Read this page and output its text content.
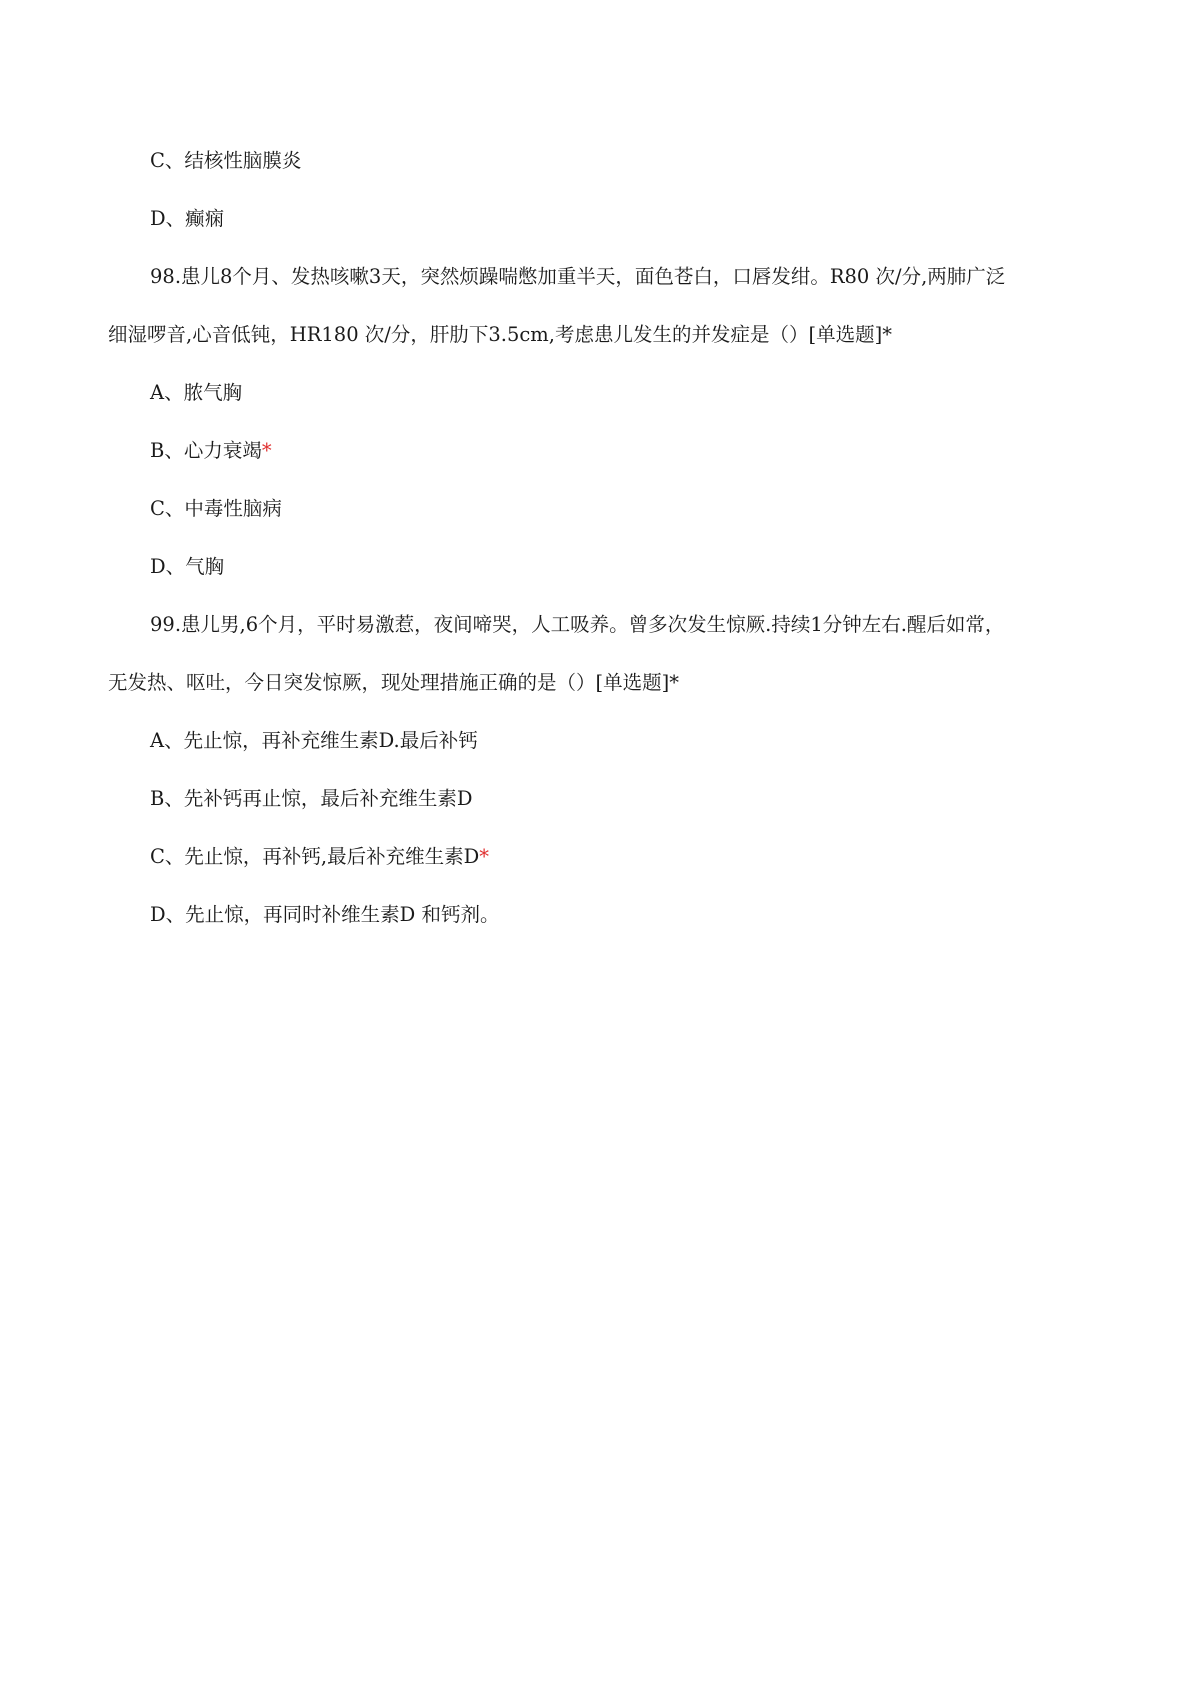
C、结核性脑膜炎
D、癫痫
98.患儿8个月、发热咳嗽3天，突然烦躁喘憋加重半天，面色苍白，口唇发绀。R80 次/分,两肺广泛
细湿啰音,心音低钝，HR180 次/分，肝肋下3.5cm,考虑患儿发生的并发症是（）[单选题]*
A、脓气胸
B、心力衰竭*
C、中毒性脑病
D、气胸
99.患儿男,6个月，平时易激惹，夜间啼哭，人工吸养。曾多次发生惊厥.持续1分钟左右.醒后如常，
无发热、呕吐，今日突发惊厥，现处理措施正确的是（）[单选题]*
A、先止惊，再补充维生素D.最后补钙
B、先补钙再止惊，最后补充维生素D
C、先止惊，再补钙,最后补充维生素D*
D、先止惊，再同时补维生素D 和钙剂。
